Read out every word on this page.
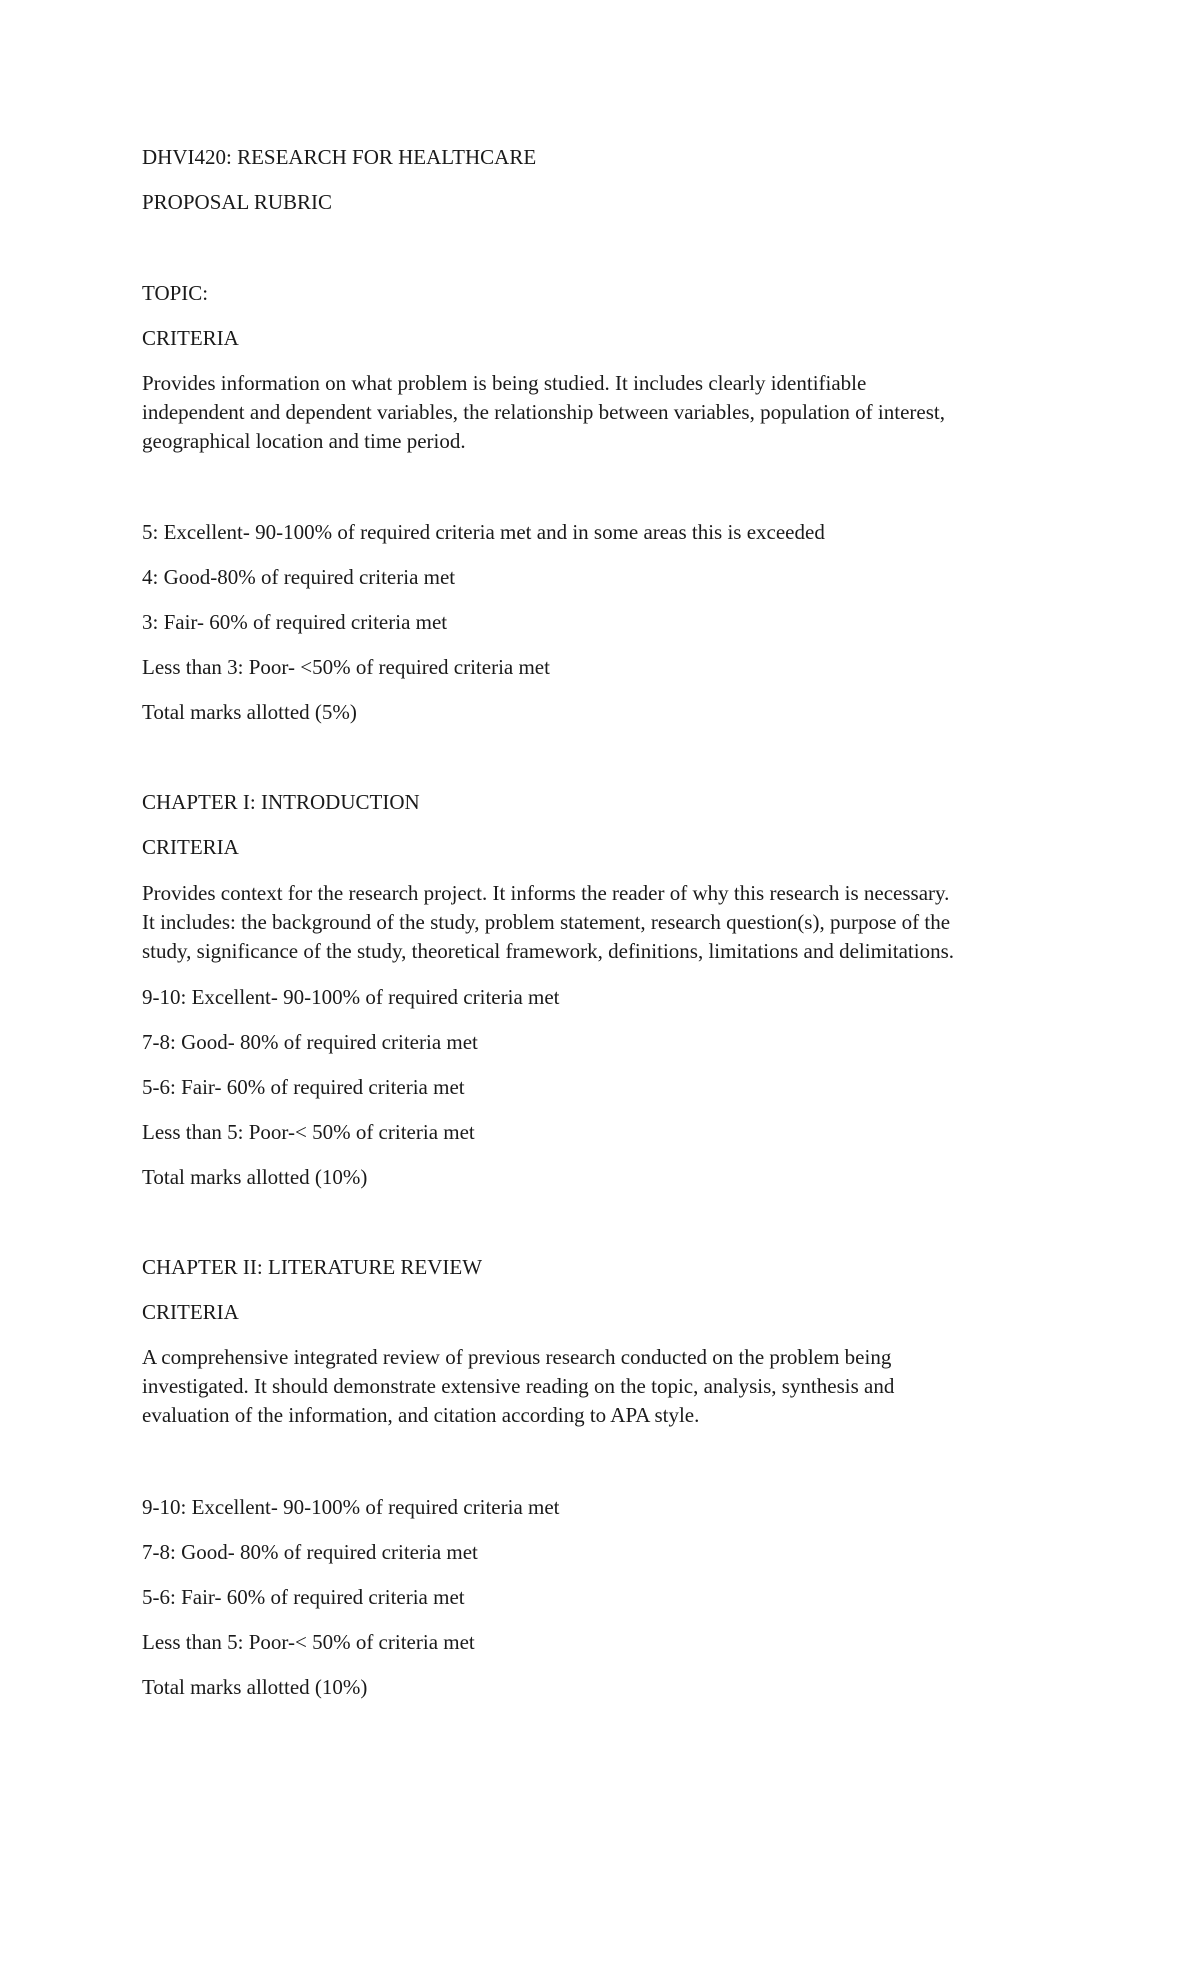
DHVI420: RESEARCH FOR HEALTHCARE
PROPOSAL RUBRIC
TOPIC:
CRITERIA
Provides information on what problem is being studied. It includes clearly identifiable
independent and dependent variables, the relationship between variables, population of interest,
geographical location and time period.
5: Excellent- 90-100% of required criteria met and in some areas this is exceeded
4: Good-80% of required criteria met
3: Fair- 60% of required criteria met
Less than 3: Poor- <50% of required criteria met
Total marks allotted (5%)
CHAPTER I: INTRODUCTION
CRITERIA
Provides context for the research project. It informs the reader of why this research is necessary.
It includes: the background of the study, problem statement, research question(s), purpose of the
study, significance of the study, theoretical framework, definitions, limitations and delimitations.
9-10: Excellent- 90-100% of required criteria met
7-8: Good- 80% of required criteria met
5-6: Fair- 60% of required criteria met
Less than 5: Poor-< 50% of criteria met
Total marks allotted (10%)
CHAPTER II: LITERATURE REVIEW
CRITERIA
A comprehensive integrated review of previous research conducted on the problem being
investigated. It should demonstrate extensive reading on the topic, analysis, synthesis and
evaluation of the information, and citation according to APA style.
9-10: Excellent- 90-100% of required criteria met
7-8: Good- 80% of required criteria met
5-6: Fair- 60% of required criteria met
Less than 5: Poor-< 50% of criteria met
Total marks allotted (10%)
